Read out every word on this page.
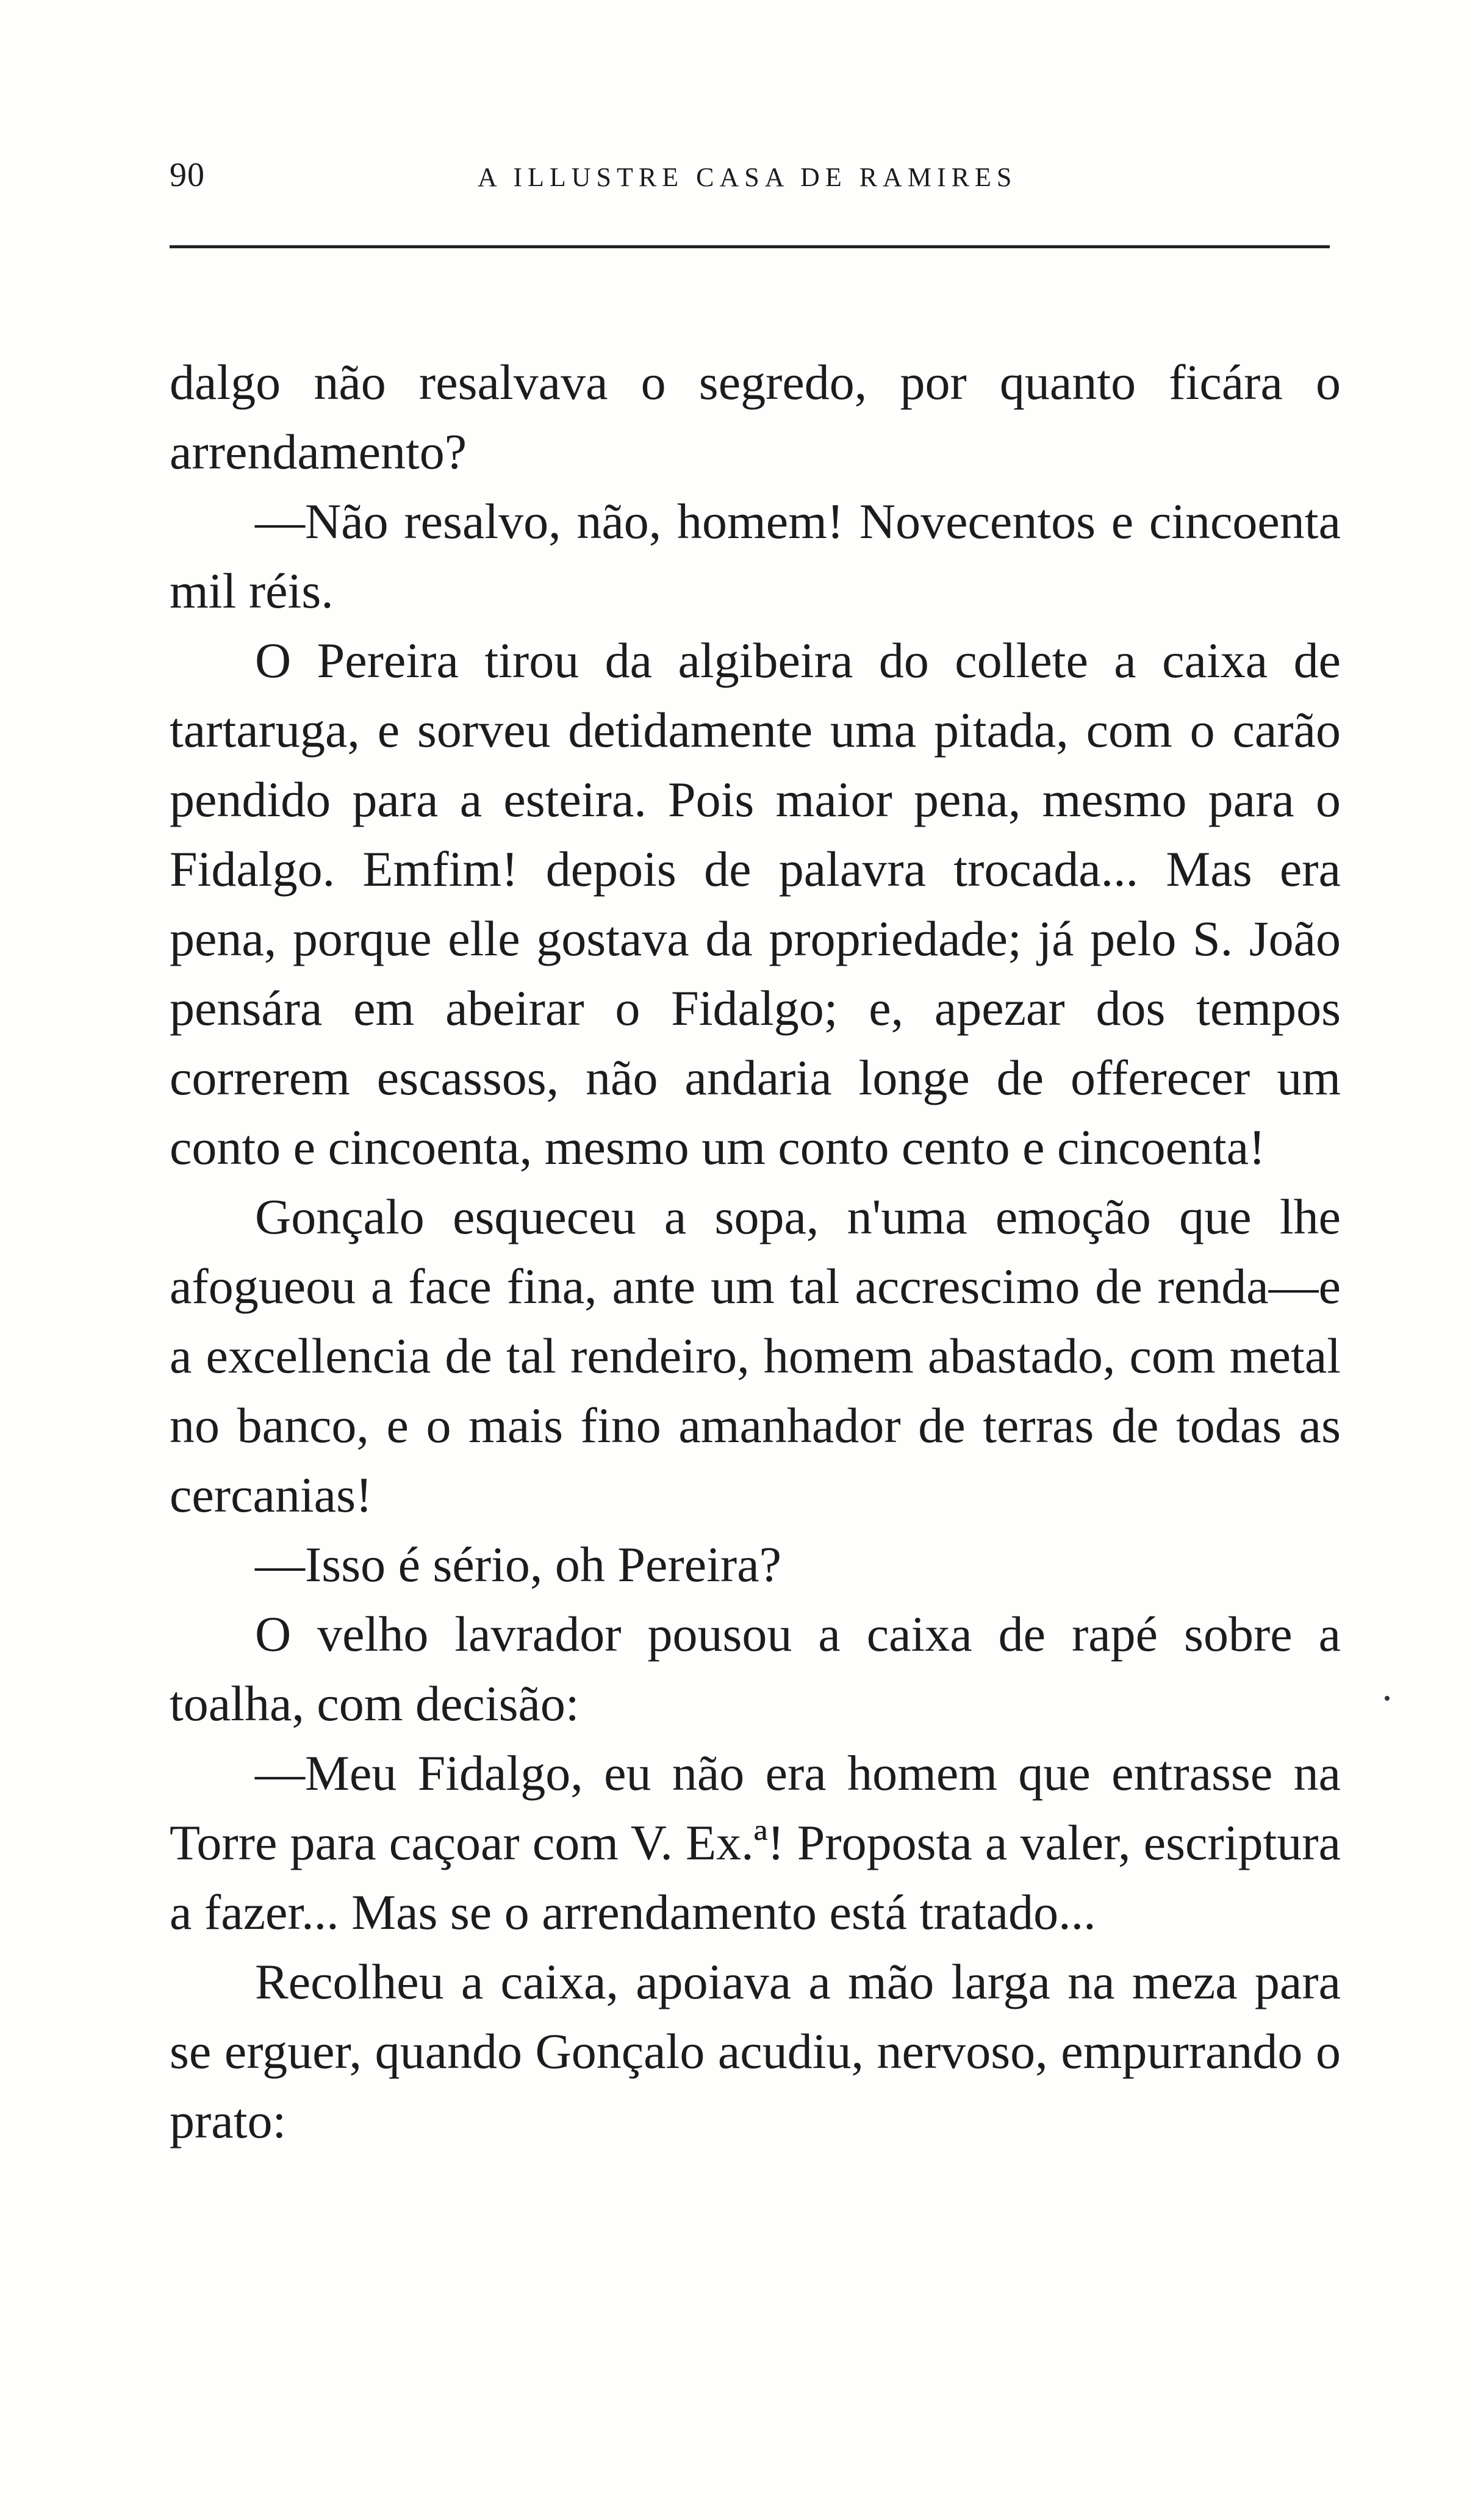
90	A ILLUSTRE CASA DE RAMIRES

dalgo não resalvava o segredo, por quanto ficára o arrendamento?

—Não resalvo, não, homem! Novecentos e cincoenta mil réis.

O Pereira tirou da algibeira do collete a caixa de tartaruga, e sorveu detidamente uma pitada, com o carão pendido para a esteira. Pois maior pena, mesmo para o Fidalgo. Emfim! depois de palavra trocada... Mas era pena, porque elle gostava da propriedade; já pelo S. João pensára em abeirar o Fidalgo; e, apezar dos tempos correrem escassos, não andaria longe de offerecer um conto e cincoenta, mesmo um conto cento e cincoenta!

Gonçalo esqueceu a sopa, n'uma emoção que lhe afogueou a face fina, ante um tal accrescimo de renda—e a excellencia de tal rendeiro, homem abastado, com metal no banco, e o mais fino amanhador de terras de todas as cercanias!

—Isso é sério, oh Pereira?

O velho lavrador pousou a caixa de rapé sobre a toalha, com decisão:

—Meu Fidalgo, eu não era homem que entrasse na Torre para caçoar com V. Ex.ª! Proposta a valer, escriptura a fazer... Mas se o arrendamento está tratado...

Recolheu a caixa, apoiava a mão larga na meza para se erguer, quando Gonçalo acudiu, nervoso, empurrando o prato:
